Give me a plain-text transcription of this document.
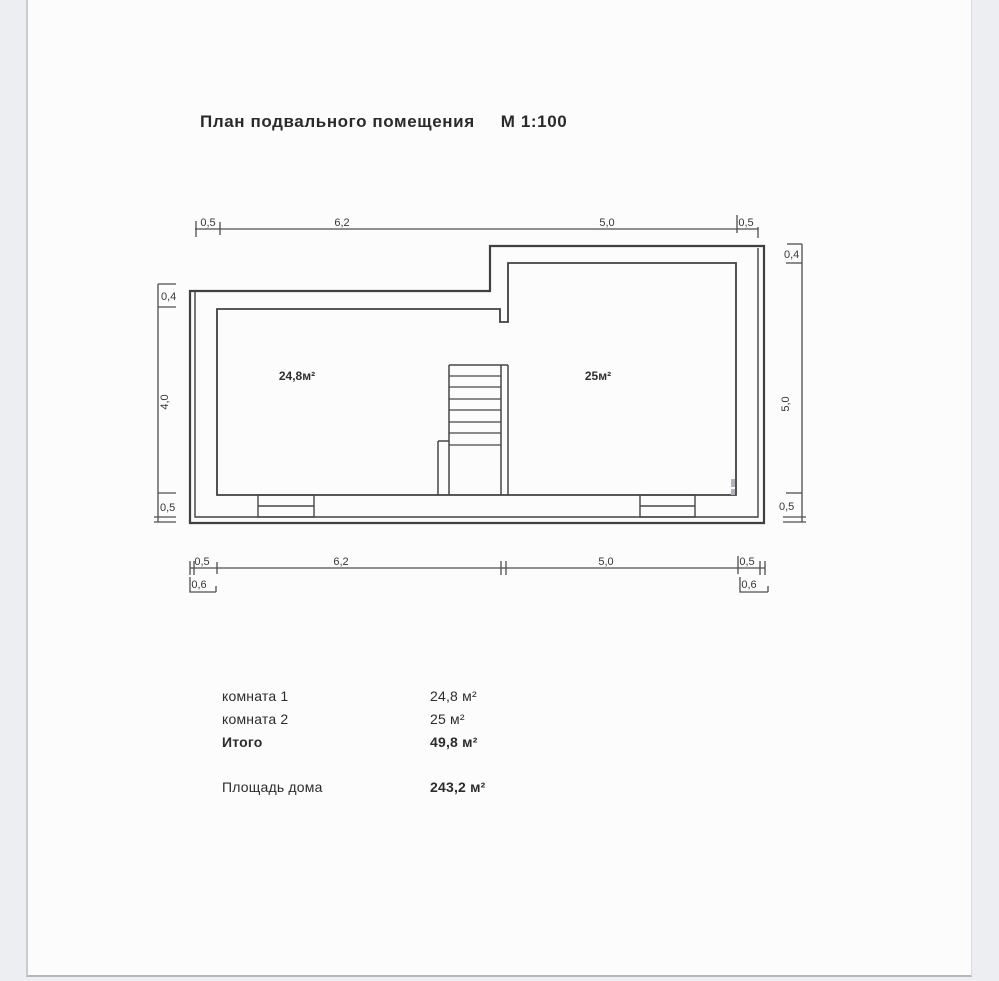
План подвального помещения М 1:100
0,5	6,2	5,0	0,5
0,5	6,2	5,0	0,5
0,6	0,6
0,4
4,0
0,5
0,4
5,0
0,5
24,8м²	25м²
комната 1	24,8 м²
комната 2	25 м²
Итого	49,8 м²
Площадь дома	243,2 м²
